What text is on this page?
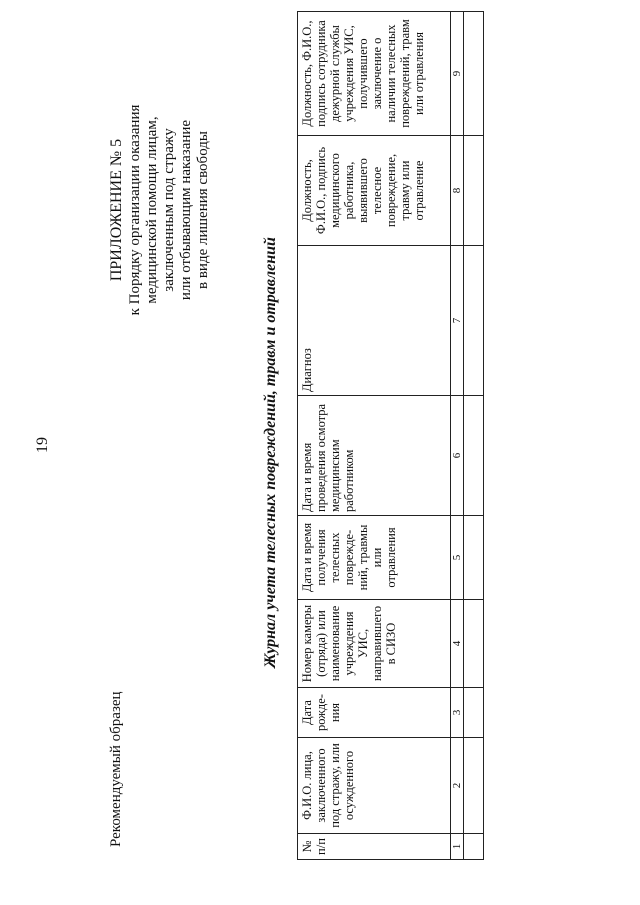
19
Рекомендуемый образец
ПРИЛОЖЕНИЕ № 5 к Порядку организации оказания медицинской помощи лицам, заключенным под стражу или отбывающим наказание в виде лишения свободы
Журнал учета телесных повреждений, травм и отравлений
№ п/п	Ф.И.О. лица, заключенного под стражу, или осужденного	Дата рожде-ния	Номер камеры (отряда) или наименование учреждения УИС, направившего в СИЗО	Дата и время получения телесных поврежде-ний, травмы или отравления	Дата и время проведения осмотра медицинским работником	Диагноз	Должность, Ф.И.О., подпись медицинского работника, выявившего телесное повреждение, травму или отравление	Должность, Ф.И.О., подпись сотрудника дежурной службы учреждения УИС, получившего заключение о наличии телесных повреждений, травм или отравления
1	2	3	4	5	6	7	8	9
